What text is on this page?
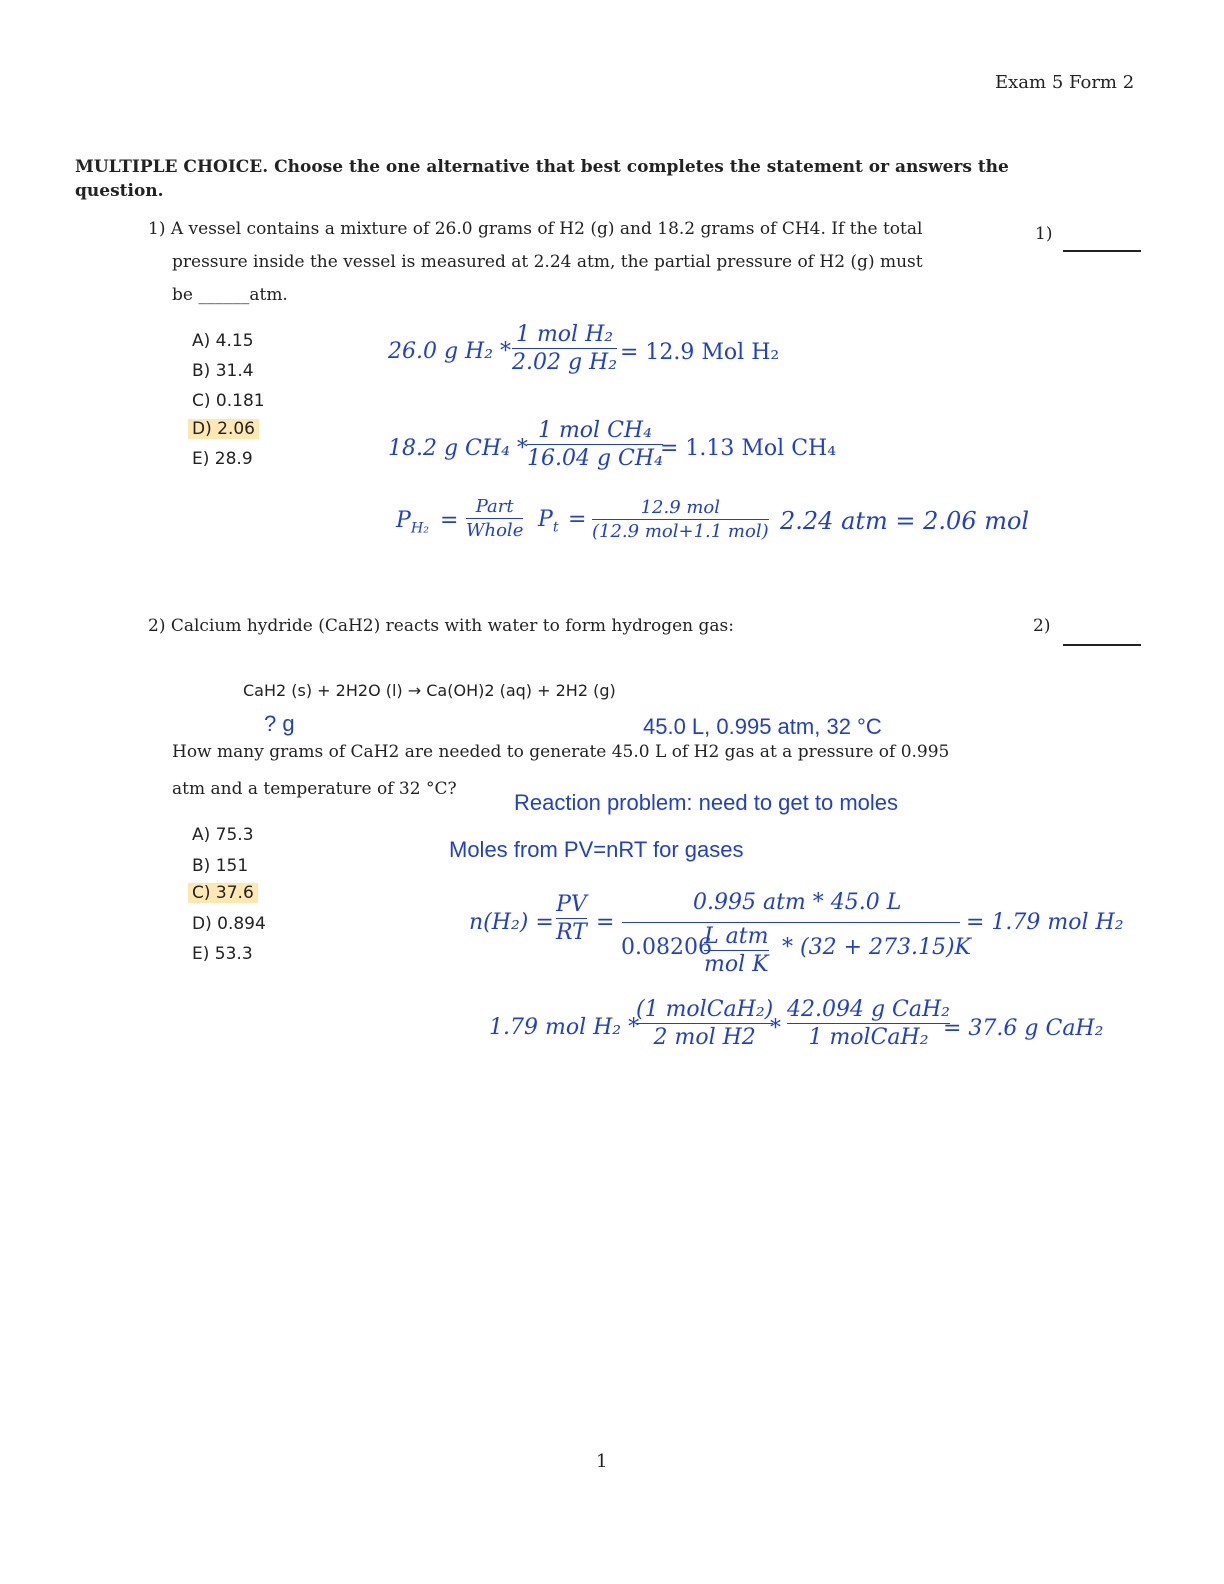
Exam 5 Form 2
MULTIPLE CHOICE. Choose the one alternative that best completes the statement or answers the
question.
1) A vessel contains a mixture of 26.0 grams of H2 (g) and 18.2 grams of CH4. If the total
pressure inside the vessel is measured at 2.24 atm, the partial pressure of H2 (g) must
be ______atm.
1)
A) 4.15
B) 31.4
C) 0.181
D) 2.06
E) 28.9
26.0 g H₂ *
1 mol H₂
2.02 g H₂ = 12.9 Mol H₂
18.2 g CH₄ *
1 mol CH₄
16.04 g CH₄
= 1.13 Mol CH₄
$P_{H_2}$ =
Part
Whole $P_t$ =	12.9 mol
(12.9 mol+1.1 mol) 2.24 atm = 2.06 mol
2) Calcium hydride (CaH2) reacts with water to form hydrogen gas:	2)
CaH2 (s) + 2H2O (l) → Ca(OH)2 (aq) + 2H2 (g)
? g	45.0 L, 0.995 atm, 32 °C
How many grams of CaH2 are needed to generate 45.0 L of H2 gas at a pressure of 0.995
atm and a temperature of 32 °C?
Reaction problem: need to get to moles
Moles from PV=nRT for gases
A) 75.3
B) 151
C) 37.6
D) 0.894
E) 53.3
n(H₂) =
PV
RT =
0.995 atm * 45.0 L
0.08206
L atm
mol K
* (32 + 273.15)K
= 1.79 mol H₂
1.79 mol H₂ *
(1 molCaH₂)
2 mol H2 *
42.094 g CaH₂
1 molCaH₂ = 37.6 g CaH₂
1
